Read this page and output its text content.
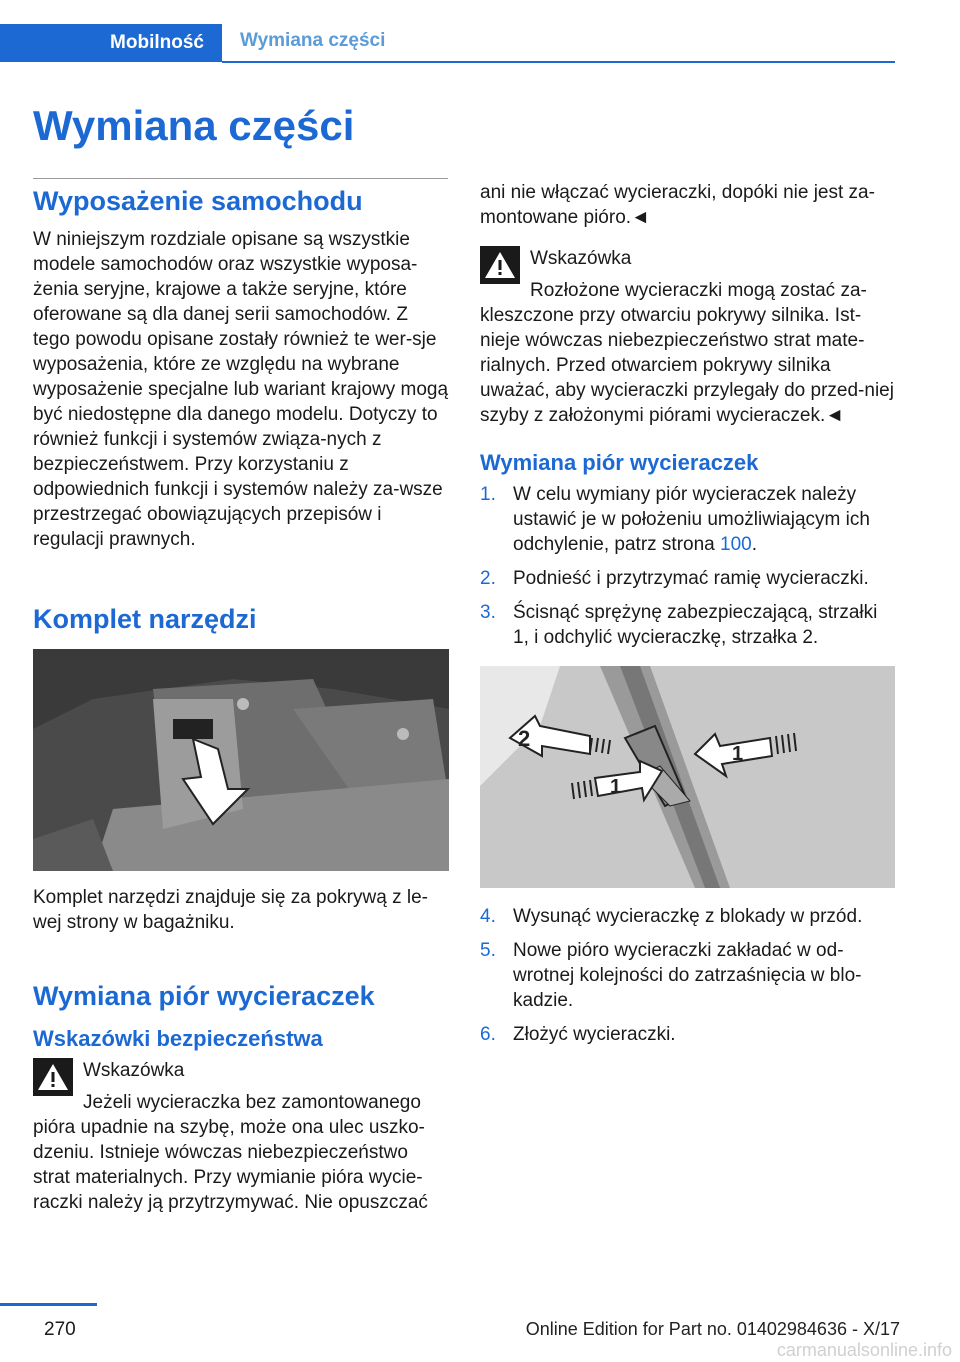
Mobilność Wymiana części
Wymiana części
Wyposażenie samochodu

W niniejszym rozdziale opisane są wszystkie modele samochodów oraz wszystkie wyposa-żenia seryjne, krajowe a także seryjne, które oferowane są dla danej serii samochodów. Z tego powodu opisane zostały również te wer-sje wyposażenia, które ze względu na wybrane wyposażenie specjalne lub wariant krajowy mogą być niedostępne dla danego modelu. Dotyczy to również funkcji i systemów związa-nych z bezpieczeństwem. Przy korzystaniu z odpowiednich funkcji i systemów należy za-wsze przestrzegać obowiązujących przepisów i regulacji prawnych.

Komplet narzędzi

Komplet narzędzi znajduje się za pokrywą z le-wej strony w bagażniku.

Wymiana piór wycieraczek
Wskazówki bezpieczeństwa
Wskazówka

Jeżeli wycieraczka bez zamontowanego pióra upadnie na szybę, może ona ulec uszko-dzeniu. Istnieje wówczas niebezpieczeństwo strat materialnych. Przy wymianie pióra wycie-raczki należy ją przytrzymywać. Nie opuszczać

ani nie włączać wycieraczki, dopóki nie jest za-montowane pióro.◄

Wskazówka

Rozłożone wycieraczki mogą zostać za-kleszczone przy otwarciu pokrywy silnika. Ist-nieje wówczas niebezpieczeństwo strat mate-rialnych. Przed otwarciem pokrywy silnika uważać, aby wycieraczki przylegały do przed-niej szyby z założonymi piórami wycieraczek.◄

Wymiana piór wycieraczek
1. W celu wymiany piór wycieraczek należy ustawić je w położeniu umożliwiającym ich odchylenie, patrz strona 100.
2. Podnieść i przytrzymać ramię wycieraczki.
3. Ścisnąć sprężynę zabezpieczającą, strzałki 1, i odchylić wycieraczkę, strzałka 2.
2
1
1
4. Wysunąć wycieraczkę z blokady w przód.
5. Nowe pióro wycieraczki zakładać w od-wrotnej kolejności do zatrzaśnięcia w blo-kadzie.
6. Złożyć wycieraczki.
270	Online Edition for Part no. 01402984636 - X/17
carmanualsonline.info
